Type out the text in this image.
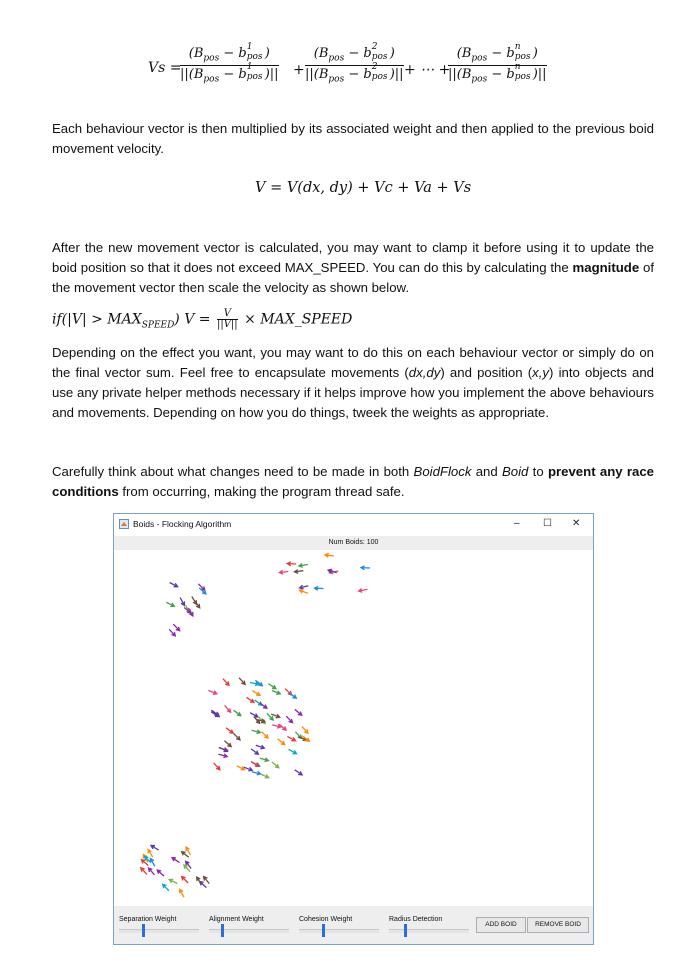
Vs =
($B_{pos} - b$ 1
pos )
$||(B_{pos} - b$ 1
pos )|| +
($B_{pos} - b$ 2
pos )
$||(B_{pos} - b$ 2
pos )|| + ⋯ +
($B_{pos} - b$ n
pos )
$||(B_{pos} - b$ n
pos )||

Each behaviour vector is then multiplied by its associated weight and then applied to the previous boid movement velocity.

V = V(dx, dy) + Vc + Va + Vs

After the new movement vector is calculated, you may want to clamp it before using it to update the boid position so that it does not exceed MAX_SPEED. You can do this by calculating the magnitude of the movement vector then scale the velocity as shown below.

$if(|V| > MAX_{SPEED})$ $V = \frac{V}{||V||}$ × MAX_SPEED

Depending on the effect you want, you may want to do this on each behaviour vector or simply do on the final vector sum. Feel free to encapsulate movements (dx,dy) and position (x,y) into objects and use any private helper methods necessary if it helps improve how you implement the above behaviours and movements. Depending on how you do things, tweek the weights as appropriate.

Carefully think about what changes need to be made in both BoidFlock and Boid to prevent any race conditions from occurring, making the program thread safe.

Boids - Flocking Algorithm	– ☐ ✕
Num Boids: 100
Separation Weight	Alignment Weight	Cohesion Weight	Radius Detection
ADD BOID	REMOVE BOID
